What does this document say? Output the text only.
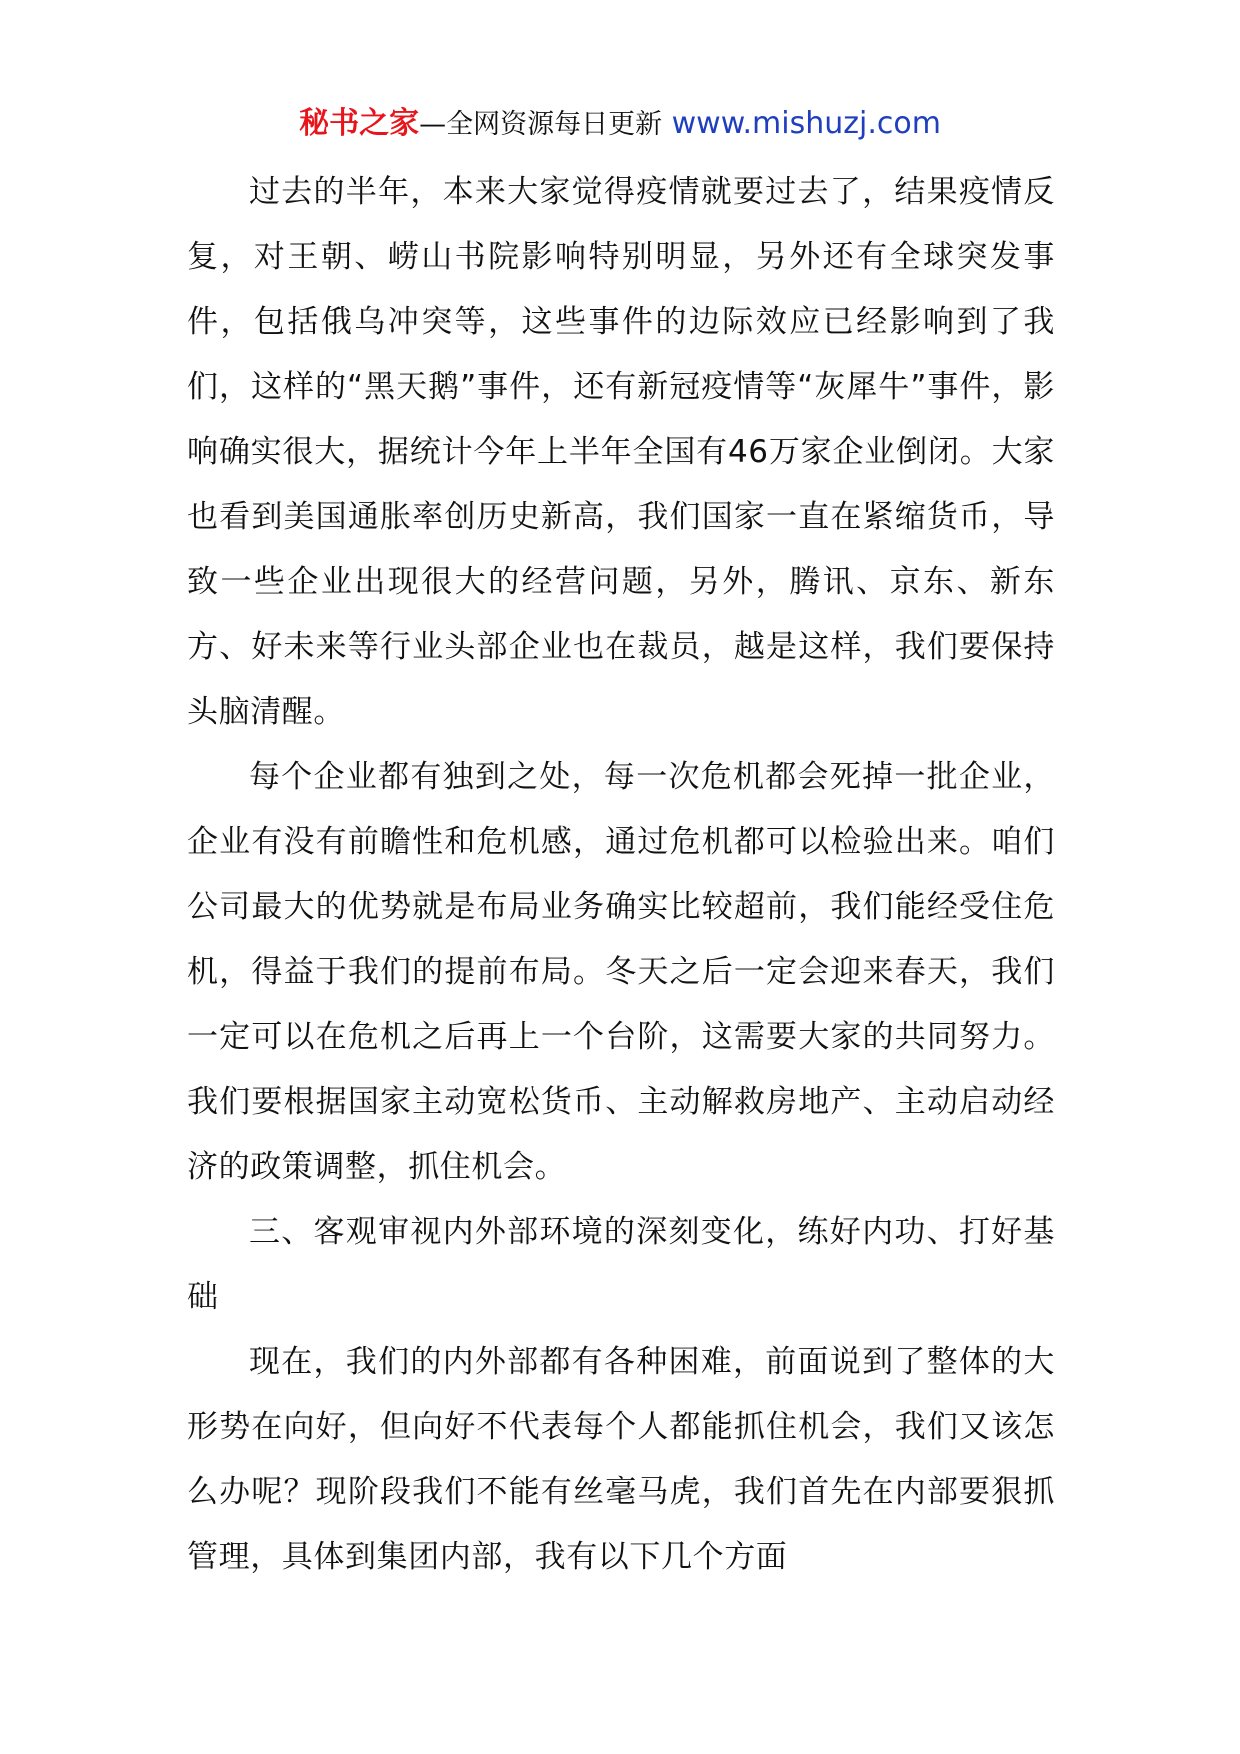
秘书之家—全网资源每日更新 www.mishuzj.com

过去的半年，本来大家觉得疫情就要过去了，结果疫情反复，对王朝、崂山书院影响特别明显，另外还有全球突发事件，包括俄乌冲突等，这些事件的边际效应已经影响到了我们，这样的“黑天鹅”事件，还有新冠疫情等“灰犀牛”事件，影响确实很大，据统计今年上半年全国有46万家企业倒闭。大家也看到美国通胀率创历史新高，我们国家一直在紧缩货币，导致一些企业出现很大的经营问题，另外，腾讯、京东、新东方、好未来等行业头部企业也在裁员，越是这样，我们要保持头脑清醒。

每个企业都有独到之处，每一次危机都会死掉一批企业，企业有没有前瞻性和危机感，通过危机都可以检验出来。咱们公司最大的优势就是布局业务确实比较超前，我们能经受住危机，得益于我们的提前布局。冬天之后一定会迎来春天，我们一定可以在危机之后再上一个台阶，这需要大家的共同努力。我们要根据国家主动宽松货币、主动解救房地产、主动启动经济的政策调整，抓住机会。

三、客观审视内外部环境的深刻变化，练好内功、打好基础

现在，我们的内外部都有各种困难，前面说到了整体的大形势在向好，但向好不代表每个人都能抓住机会，我们又该怎么办呢？现阶段我们不能有丝毫马虎，我们首先在内部要狠抓管理，具体到集团内部，我有以下几个方面
